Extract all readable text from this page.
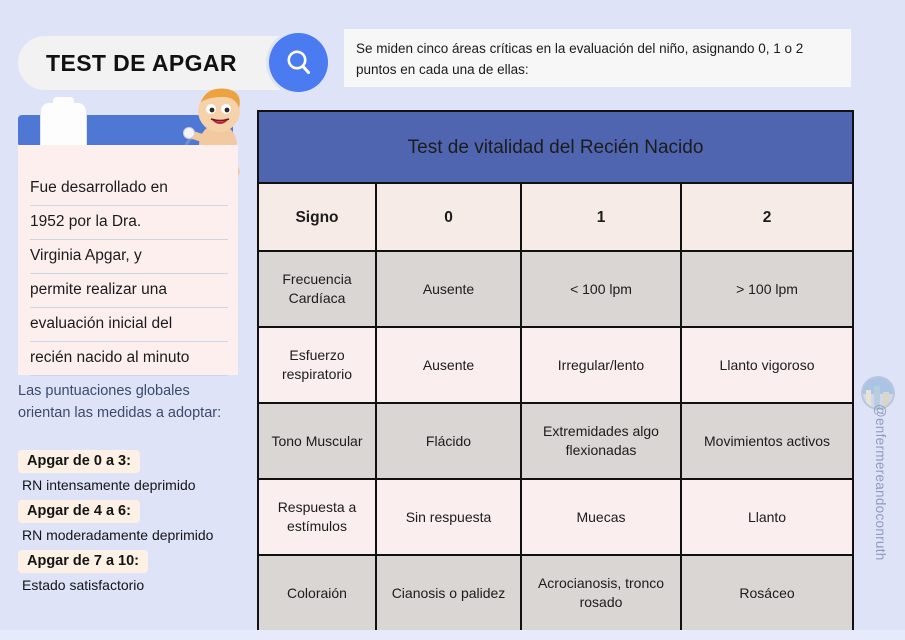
TEST DE APGAR

Se miden cinco áreas críticas en la evaluación del niño, asignando 0, 1 o 2 puntos en cada una de ellas:

Fue desarrollado en
1952 por la Dra.
Virginia Apgar, y
permite realizar una
evaluación inicial del
recién nacido al minuto
Las puntuaciones globales
orientan las medidas a adoptar:
Apgar de 0 a 3:
RN intensamente deprimido
Apgar de 4 a 6:
RN moderadamente deprimido
Apgar de 7 a 10:
Estado satisfactorio
Test de vitalidad del Recién Nacido			
Signo	0	1	2
Frecuencia Cardíaca	Ausente	< 100 lpm	> 100 lpm
Esfuerzo respiratorio	Ausente	Irregular/lento	Llanto vigoroso
Tono Muscular	Flácido	Extremidades algo flexionadas	Movimientos activos
Respuesta a estímulos	Sin respuesta	Muecas	Llanto
Coloraión	Cianosis o palidez	Acrocianosis, tronco rosado	Rosáceo
@enfermereandoconruth
